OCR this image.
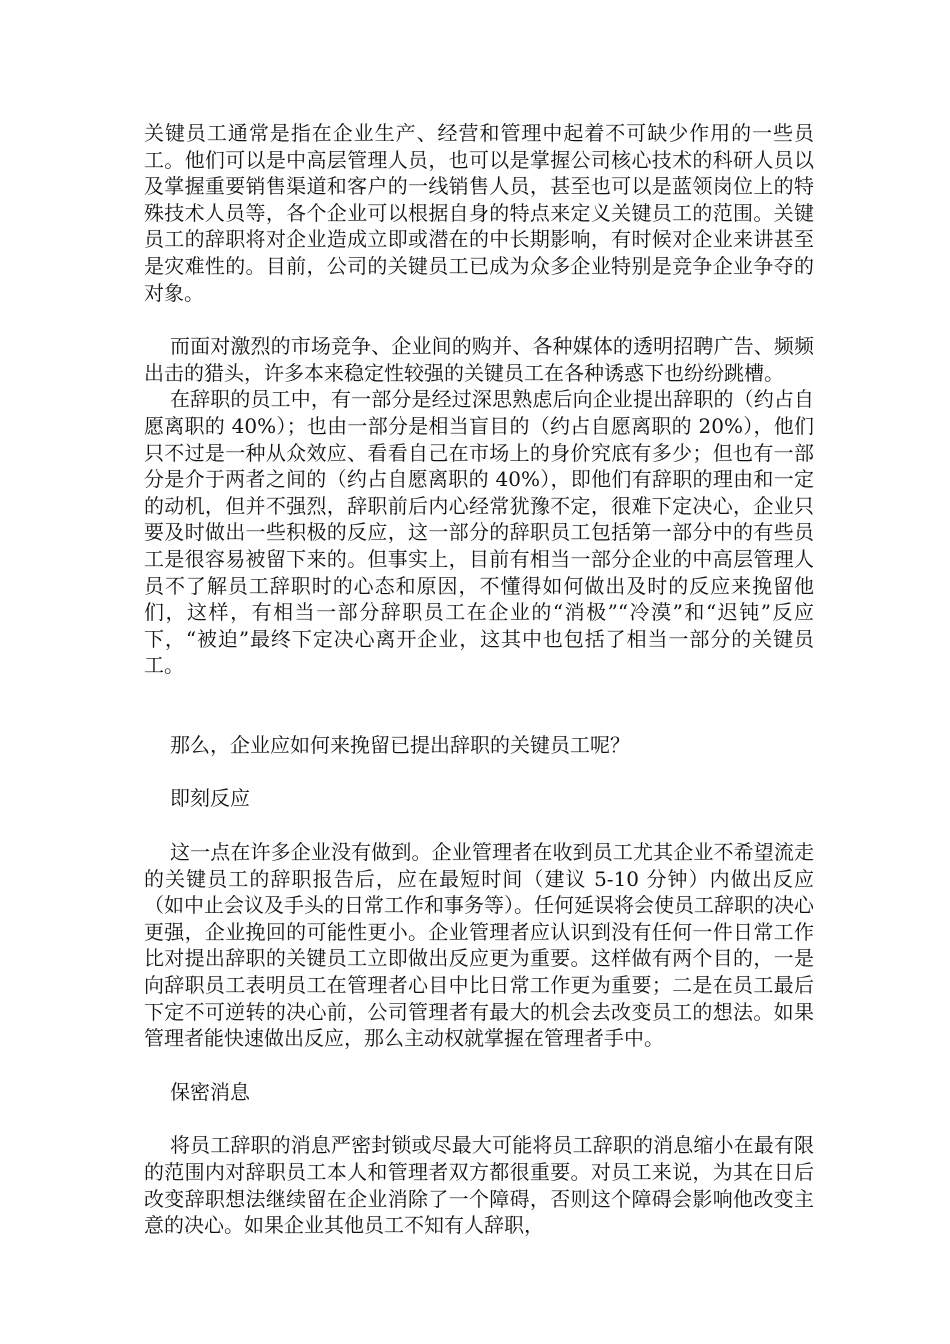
关键员工通常是指在企业生产、经营和管理中起着不可缺少作用的一些员工。他们可以是中高层管理人员，也可以是掌握公司核心技术的科研人员以及掌握重要销售渠道和客户的一线销售人员，甚至也可以是蓝领岗位上的特殊技术人员等，各个企业可以根据自身的特点来定义关键员工的范围。关键员工的辞职将对企业造成立即或潜在的中长期影响，有时候对企业来讲甚至是灾难性的。目前，公司的关键员工已成为众多企业特别是竞争企业争夺的对象。

而面对激烈的市场竞争、企业间的购并、各种媒体的透明招聘广告、频频出击的猎头，许多本来稳定性较强的关键员工在各种诱惑下也纷纷跳槽。

在辞职的员工中，有一部分是经过深思熟虑后向企业提出辞职的（约占自愿离职的 40%）；也由一部分是相当盲目的（约占自愿离职的 20%），他们只不过是一种从众效应、看看自己在市场上的身价究底有多少；但也有一部分是介于两者之间的（约占自愿离职的 40%），即他们有辞职的理由和一定的动机，但并不强烈，辞职前后内心经常犹豫不定，很难下定决心，企业只要及时做出一些积极的反应，这一部分的辞职员工包括第一部分中的有些员工是很容易被留下来的。但事实上，目前有相当一部分企业的中高层管理人员不了解员工辞职时的心态和原因，不懂得如何做出及时的反应来挽留他们，这样，有相当一部分辞职员工在企业的“消极”“冷漠”和“迟钝”反应下，“被迫”最终下定决心离开企业，这其中也包括了相当一部分的关键员工。

那么，企业应如何来挽留已提出辞职的关键员工呢？

即刻反应

这一点在许多企业没有做到。企业管理者在收到员工尤其企业不希望流走的关键员工的辞职报告后，应在最短时间（建议 5-10 分钟）内做出反应（如中止会议及手头的日常工作和事务等）。任何延误将会使员工辞职的决心更强，企业挽回的可能性更小。企业管理者应认识到没有任何一件日常工作比对提出辞职的关键员工立即做出反应更为重要。这样做有两个目的，一是向辞职员工表明员工在管理者心目中比日常工作更为重要；二是在员工最后下定不可逆转的决心前，公司管理者有最大的机会去改变员工的想法。如果管理者能快速做出反应，那么主动权就掌握在管理者手中。

保密消息

将员工辞职的消息严密封锁或尽最大可能将员工辞职的消息缩小在最有限的范围内对辞职员工本人和管理者双方都很重要。对员工来说，为其在日后改变辞职想法继续留在企业消除了一个障碍，否则这个障碍会影响他改变主意的决心。如果企业其他员工不知有人辞职，
